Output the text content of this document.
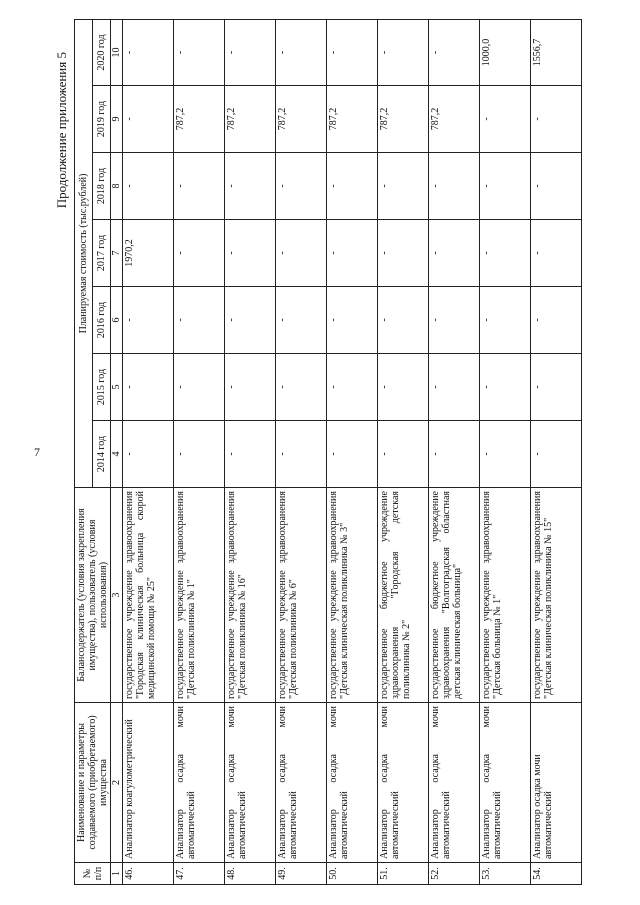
7
Продолжение приложения 5
№ п/п	Наименование и параметры создаваемого (приобретаемого) имущества	Балансодержатель (условия закрепления имущества), пользователь (условия использования)	Планируемая стоимость (тыс.рублей)						
			2014 год	2015 год	2016 год	2017 год	2018 год	2019 год	2020 год
1	2	3	4	5	6	7	8	9	10
46.	Анализатор коагулометрический	государственное учреждение здравоохранения "Городская клиническая больница скорой медицинской помощи № 25"	-	-	-	1970,2	-	-	-
47.	Анализатор осадка мочи автоматический	государственное учреждение здравоохранения "Детская поликлиника № 1"	-	-	-	-	-	787,2	-
48.	Анализатор осадка мочи автоматический	государственное учреждение здравоохранения "Детская поликлиника № 16"	-	-	-	-	-	787,2	-
49.	Анализатор осадка мочи автоматический	государственное учреждение здравоохранения "Детская поликлиника № 6"	-	-	-	-	-	787,2	-
50.	Анализатор осадка мочи автоматический	государственное учреждение здравоохранения "Детская клиническая поликлиника № 3"	-	-	-	-	-	787,2	-
51.	Анализатор осадка мочи автоматический	государственное бюджетное учреждение здравоохранения "Городская детская поликлиника № 2"	-	-	-	-	-	787,2	-
52.	Анализатор осадка мочи автоматический	государственное бюджетное учреждение здравоохранения "Волгоградская областная детская клиническая больница"	-	-	-	-	-	787,2	-
53.	Анализатор осадка мочи автоматический	государственное учреждение здравоохранения "Детская больница № 1"	-	-	-	-	-	-	1000,0
54.	Анализатор осадка мочи автоматический	государственное учреждение здравоохранения "Детская клиническая поликлиника № 15"	-	-	-	-	-	-	1556,7
